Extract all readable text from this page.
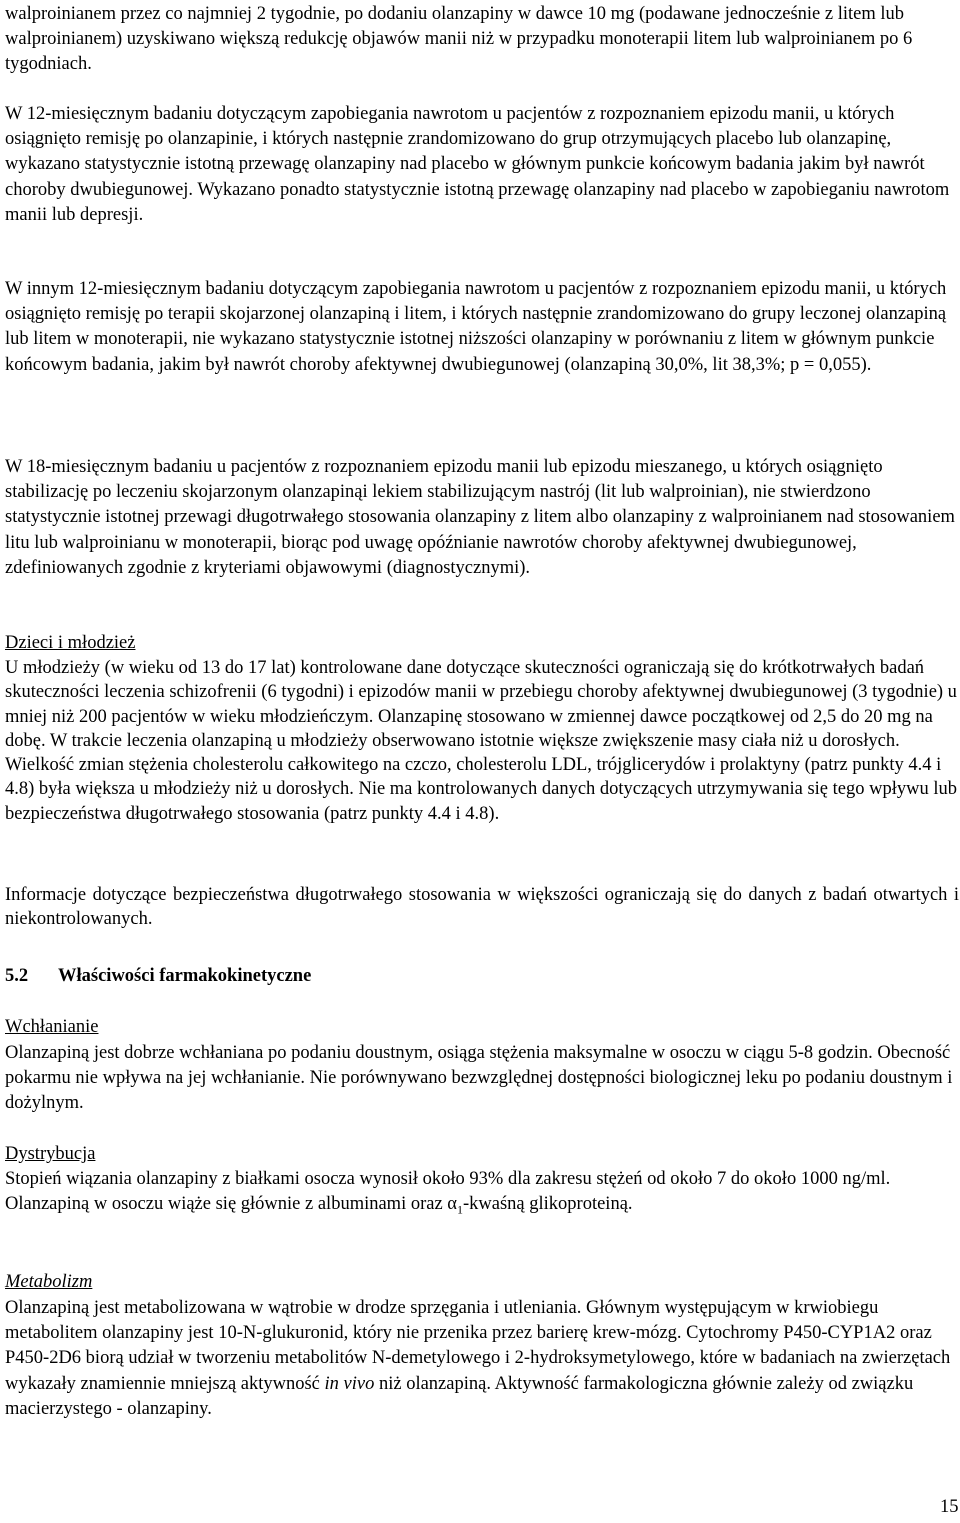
walproinianem przez co najmniej 2 tygodnie, po dodaniu olanzapiny w dawce 10 mg (podawane jednocześnie z litem lub walproinianem) uzyskiwano większą redukcję objawów manii niż w przypadku monoterapii litem lub walproinianem po 6 tygodniach.

W 12-miesięcznym badaniu dotyczącym zapobiegania nawrotom u pacjentów z rozpoznaniem epizodu manii, u których osiągnięto remisję po olanzapinie, i których następnie zrandomizowano do grup otrzymujących placebo lub olanzapinę, wykazano statystycznie istotną przewagę olanzapiny nad placebo w głównym punkcie końcowym badania jakim był nawrót choroby dwubiegunowej. Wykazano ponadto statystycznie istotną przewagę olanzapiny nad placebo w zapobieganiu nawrotom manii lub depresji.

W innym 12-miesięcznym badaniu dotyczącym zapobiegania nawrotom u pacjentów z rozpoznaniem epizodu manii, u których osiągnięto remisję po terapii skojarzonej olanzapiną i litem, i których następnie zrandomizowano do grupy leczonej olanzapiną lub litem w monoterapii, nie wykazano statystycznie istotnej niższości olanzapiny w porównaniu z litem w głównym punkcie końcowym badania, jakim był nawrót choroby afektywnej dwubiegunowej (olanzapiną 30,0%, lit 38,3%; p = 0,055).

W 18-miesięcznym badaniu u pacjentów z rozpoznaniem epizodu manii lub epizodu mieszanego, u których osiągnięto stabilizację po leczeniu skojarzonym olanzapinąi lekiem stabilizującym nastrój (lit lub walproinian), nie stwierdzono statystycznie istotnej przewagi długotrwałego stosowania olanzapiny z litem albo olanzapiny z walproinianem nad stosowaniem litu lub walproinianu w monoterapii, biorąc pod uwagę opóźnianie nawrotów choroby afektywnej dwubiegunowej, zdefiniowanych zgodnie z kryteriami objawowymi (diagnostycznymi).

Dzieci i młodzież

U młodzieży (w wieku od 13 do 17 lat) kontrolowane dane dotyczące skuteczności ograniczają się do krótkotrwałych badań skuteczności leczenia schizofrenii (6 tygodni) i epizodów manii w przebiegu choroby afektywnej dwubiegunowej (3 tygodnie) u mniej niż 200 pacjentów w wieku młodzieńczym. Olanzapinę stosowano w zmiennej dawce początkowej od 2,5 do 20 mg na dobę. W trakcie leczenia olanzapiną u młodzieży obserwowano istotnie większe zwiększenie masy ciała niż u dorosłych. Wielkość zmian stężenia cholesterolu całkowitego na czczo, cholesterolu LDL, trójglicerydów i prolaktyny (patrz punkty 4.4 i 4.8) była większa u młodzieży niż u dorosłych. Nie ma kontrolowanych danych dotyczących utrzymywania się tego wpływu lub bezpieczeństwa długotrwałego stosowania (patrz punkty 4.4 i 4.8).

Informacje dotyczące bezpieczeństwa długotrwałego stosowania w większości ograniczają się do danych z badań otwartych i niekontrolowanych.

5.2 Właściwości farmakokinetyczne

Wchłanianie

Olanzapiną jest dobrze wchłaniana po podaniu doustnym, osiąga stężenia maksymalne w osoczu w ciągu 5-8 godzin. Obecność pokarmu nie wpływa na jej wchłanianie. Nie porównywano bezwzględnej dostępności biologicznej leku po podaniu doustnym i dożylnym.

Dystrybucja

Stopień wiązania olanzapiny z białkami osocza wynosił około 93% dla zakresu stężeń od około 7 do około 1000 ng/ml. Olanzapiną w osoczu wiąże się głównie z albuminami oraz $\alpha_1$-kwaśną glikoproteiną.

Metabolizm

Olanzapiną jest metabolizowana w wątrobie w drodze sprzęgania i utleniania. Głównym występującym w krwiobiegu metabolitem olanzapiny jest 10-N-glukuronid, który nie przenika przez barierę krew-mózg. Cytochromy P450-CYP1A2 oraz P450-2D6 biorą udział w tworzeniu metabolitów N-demetylowego i 2-hydroksymetylowego, które w badaniach na zwierzętach wykazały znamiennie mniejszą aktywność in vivo niż olanzapiną. Aktywność farmakologiczna głównie zależy od związku macierzystego - olanzapiny.

15
